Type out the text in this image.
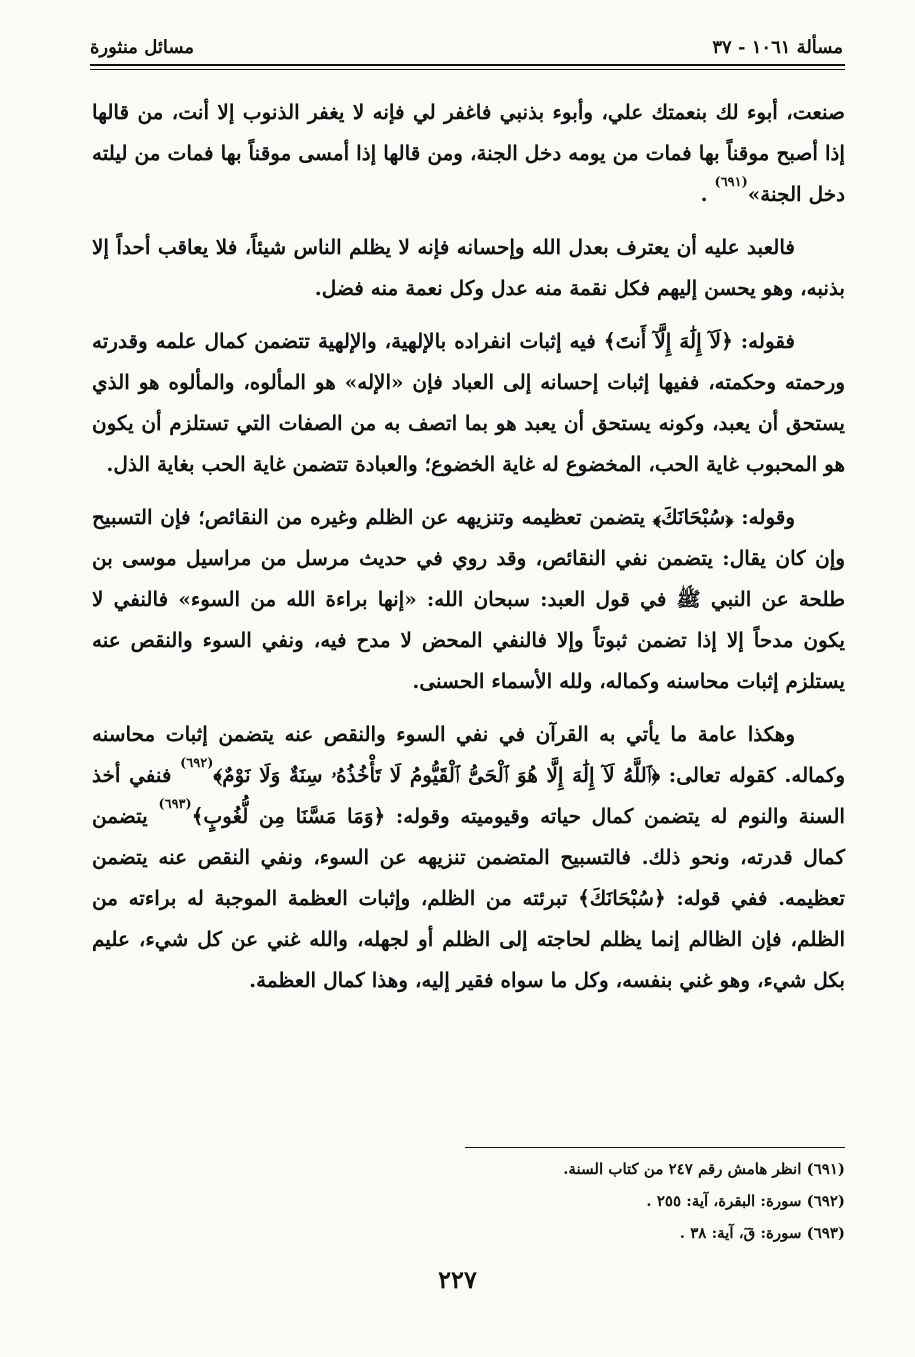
مسألة ١٠٦١ - ٣٧
مسائل منثورة

صنعت، أبوء لك بنعمتك علي، وأبوء بذنبي فاغفر لي فإنه لا يغفر الذنوب إلا أنت، من قالها إذا أصبح موقناً بها فمات من يومه دخل الجنة، ومن قالها إذا أمسى موقناً بها فمات من ليلته دخل الجنة»$^{(٦٩١)}$ .

فالعبد عليه أن يعترف بعدل الله وإحسانه فإنه لا يظلم الناس شيئاً، فلا يعاقب أحداً إلا بذنبه، وهو يحسن إليهم فكل نقمة منه عدل وكل نعمة منه فضل.

فقوله: ﴿لَآ إِلَٰهَ إِلَّآ أَنتَ﴾ فيه إثبات انفراده بالإلهية، والإلهية تتضمن كمال علمه وقدرته ورحمته وحكمته، ففيها إثبات إحسانه إلى العباد فإن «الإله» هو المألوه، والمألوه هو الذي يستحق أن يعبد، وكونه يستحق أن يعبد هو بما اتصف به من الصفات التي تستلزم أن يكون هو المحبوب غاية الحب، المخضوع له غاية الخضوع؛ والعبادة تتضمن غاية الحب بغاية الذل.

وقوله: ﴿سُبْحَانَكَ﴾ يتضمن تعظيمه وتنزيهه عن الظلم وغيره من النقائص؛ فإن التسبيح وإن كان يقال: يتضمن نفي النقائص، وقد روي في حديث مرسل من مراسيل موسى بن طلحة عن النبي ﷺ في قول العبد: سبحان الله: «إنها براءة الله من السوء» فالنفي لا يكون مدحاً إلا إذا تضمن ثبوتاً وإلا فالنفي المحض لا مدح فيه، ونفي السوء والنقص عنه يستلزم إثبات محاسنه وكماله، ولله الأسماء الحسنى.

وهكذا عامة ما يأتي به القرآن في نفي السوء والنقص عنه يتضمن إثبات محاسنه وكماله. كقوله تعالى: ﴿ٱللَّهُ لَآ إِلَٰهَ إِلَّا هُوَ ٱلْحَىُّ ٱلْقَيُّومُ لَا تَأْخُذُهُۥ سِنَةٌ وَلَا نَوْمٌ﴾$^{(٦٩٢)}$ فنفي أخذ السنة والنوم له يتضمن كمال حياته وقيوميته وقوله: ﴿وَمَا مَسَّنَا مِن لُّغُوبٍ﴾$^{(٦٩٣)}$ يتضمن كمال قدرته، ونحو ذلك. فالتسبيح المتضمن تنزيهه عن السوء، ونفي النقص عنه يتضمن تعظيمه. ففي قوله: ﴿سُبْحَانَكَ﴾ تبرئته من الظلم، وإثبات العظمة الموجبة له براءته من الظلم، فإن الظالم إنما يظلم لحاجته إلى الظلم أو لجهله، والله غني عن كل شيء، عليم بكل شيء، وهو غني بنفسه، وكل ما سواه فقير إليه، وهذا كمال العظمة.

(٦٩١) انظر هامش رقم ٢٤٧ من كتاب السنة.
(٦٩٢) سورة: البقرة، آية: ٢٥٥ .
(٦٩٣) سورة: قٓ، آية: ٣٨ .
٢٢٧
